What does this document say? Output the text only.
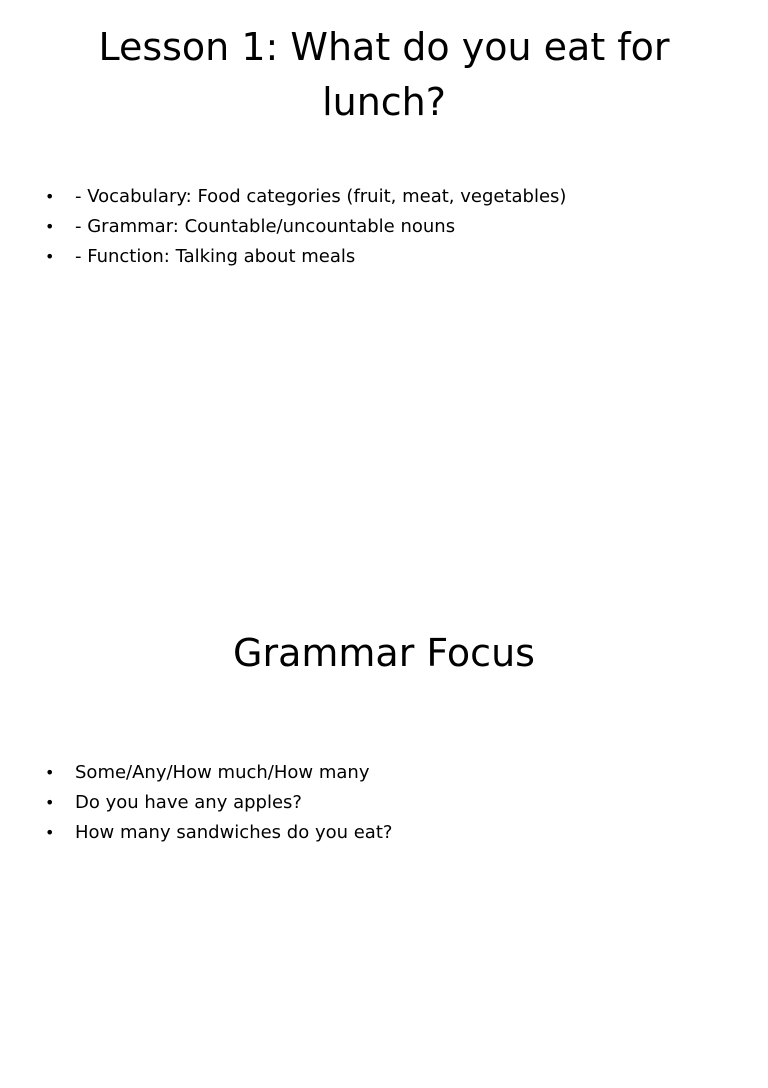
Lesson 1: What do you eat for lunch?
• - Vocabulary: Food categories (fruit, meat, vegetables)
• - Grammar: Countable/uncountable nouns
• - Function: Talking about meals
Grammar Focus
• Some/Any/How much/How many
• Do you have any apples?
• How many sandwiches do you eat?
